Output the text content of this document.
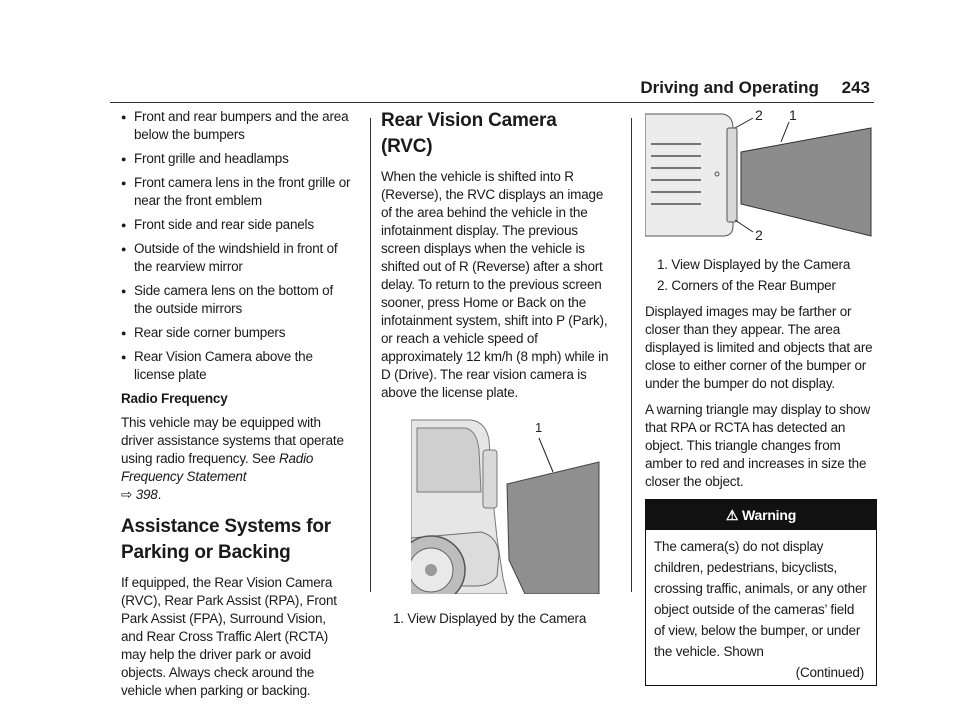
Driving and Operating 243
● Front and rear bumpers and the area below the bumpers
● Front grille and headlamps
● Front camera lens in the front grille or near the front emblem
● Front side and rear side panels
● Outside of the windshield in front of the rearview mirror
● Side camera lens on the bottom of the outside mirrors
● Rear side corner bumpers
● Rear Vision Camera above the license plate

Radio Frequency

This vehicle may be equipped with driver assistance systems that operate using radio frequency. See Radio Frequency Statement
⇨ 398.

Assistance Systems for Parking or Backing

If equipped, the Rear Vision Camera (RVC), Rear Park Assist (RPA), Front Park Assist (FPA), Surround Vision, and Rear Cross Traffic Alert (RCTA) may help the driver park or avoid objects. Always check around the vehicle when parking or backing.

Rear Vision Camera (RVC)

When the vehicle is shifted into R (Reverse), the RVC displays an image of the area behind the vehicle in the infotainment display. The previous screen displays when the vehicle is shifted out of R (Reverse) after a short delay. To return to the previous screen sooner, press Home or Back on the infotainment system, shift into P (Park), or reach a vehicle speed of approximately 12 km/h (8 mph) while in D (Drive). The rear vision camera is above the license plate.

1
1. View Displayed by the Camera
2 1
2
1. View Displayed by the Camera
2. Corners of the Rear Bumper

Displayed images may be farther or closer than they appear. The area displayed is limited and objects that are close to either corner of the bumper or under the bumper do not display.

A warning triangle may display to show that RPA or RCTA has detected an object. This triangle changes from amber to red and increases in size the closer the object.

⚠ Warning
The camera(s) do not display children, pedestrians, bicyclists, crossing traffic, animals, or any other object outside of the cameras’ field of view, below the bumper, or under the vehicle. Shown
(Continued)
